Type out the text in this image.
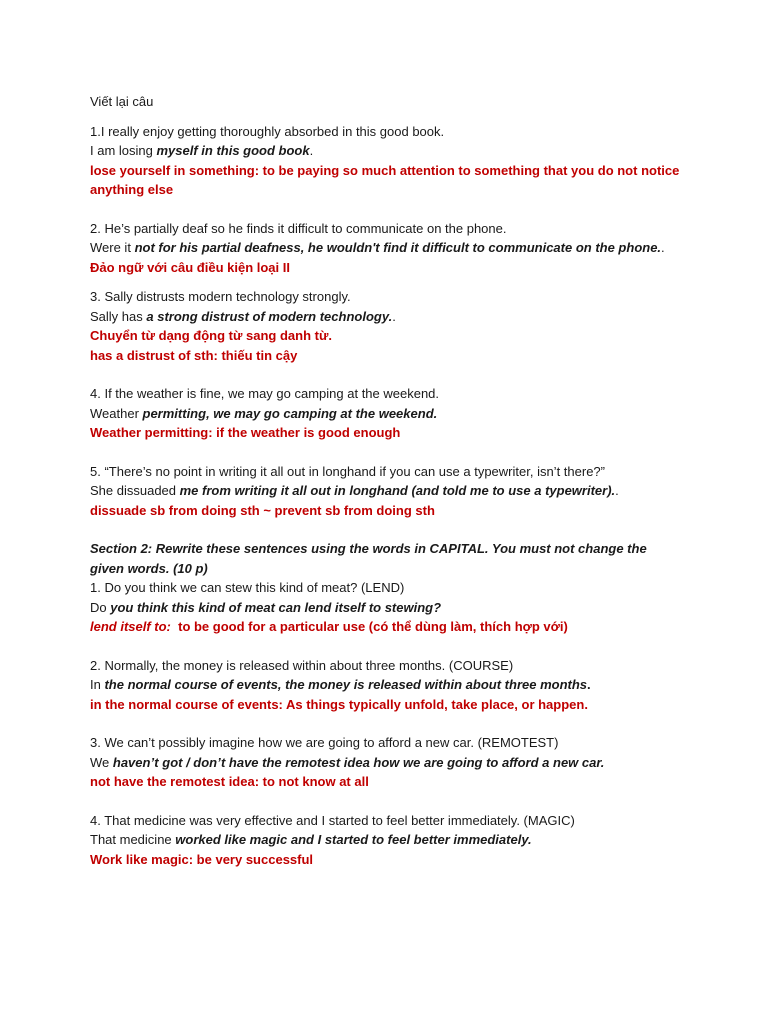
Viết lại câu
1.I really enjoy getting thoroughly absorbed in this good book.
I am losing myself in this good book.
lose yourself in something: to be paying so much attention to something that you do not notice anything else
2. He’s partially deaf so he finds it difficult to communicate on the phone.
Were it not for his partial deafness, he wouldn't find it difficult to communicate on the phone..
Đảo ngữ với câu điều kiện loại II
3. Sally distrusts modern technology strongly.
Sally has a strong distrust of modern technology..
Chuyển từ dạng động từ sang danh từ.
has a distrust of sth: thiếu tin cậy
4. If the weather is fine, we may go camping at the weekend.
Weather permitting, we may go camping at the weekend.
Weather permitting: if the weather is good enough
5. “There’s no point in writing it all out in longhand if you can use a typewriter, isn’t there?”
She dissuaded me from writing it all out in longhand (and told me to use a typewriter)..
dissuade sb from doing sth ~ prevent sb from doing sth
Section 2: Rewrite these sentences using the words in CAPITAL. You must not change the given words. (10 p)
1. Do you think we can stew this kind of meat? (LEND)
Do you think this kind of meat can lend itself to stewing?
lend itself to:  to be good for a particular use (có thể dùng làm, thích hợp với)
2. Normally, the money is released within about three months. (COURSE)
In the normal course of events, the money is released within about three months.
in the normal course of events: As things typically unfold, take place, or happen.
3. We can’t possibly imagine how we are going to afford a new car. (REMOTEST)
We haven’t got / don’t have the remotest idea how we are going to afford a new car.
not have the remotest idea: to not know at all
4. That medicine was very effective and I started to feel better immediately. (MAGIC)
That medicine worked like magic and I started to feel better immediately.
Work like magic: be very successful
